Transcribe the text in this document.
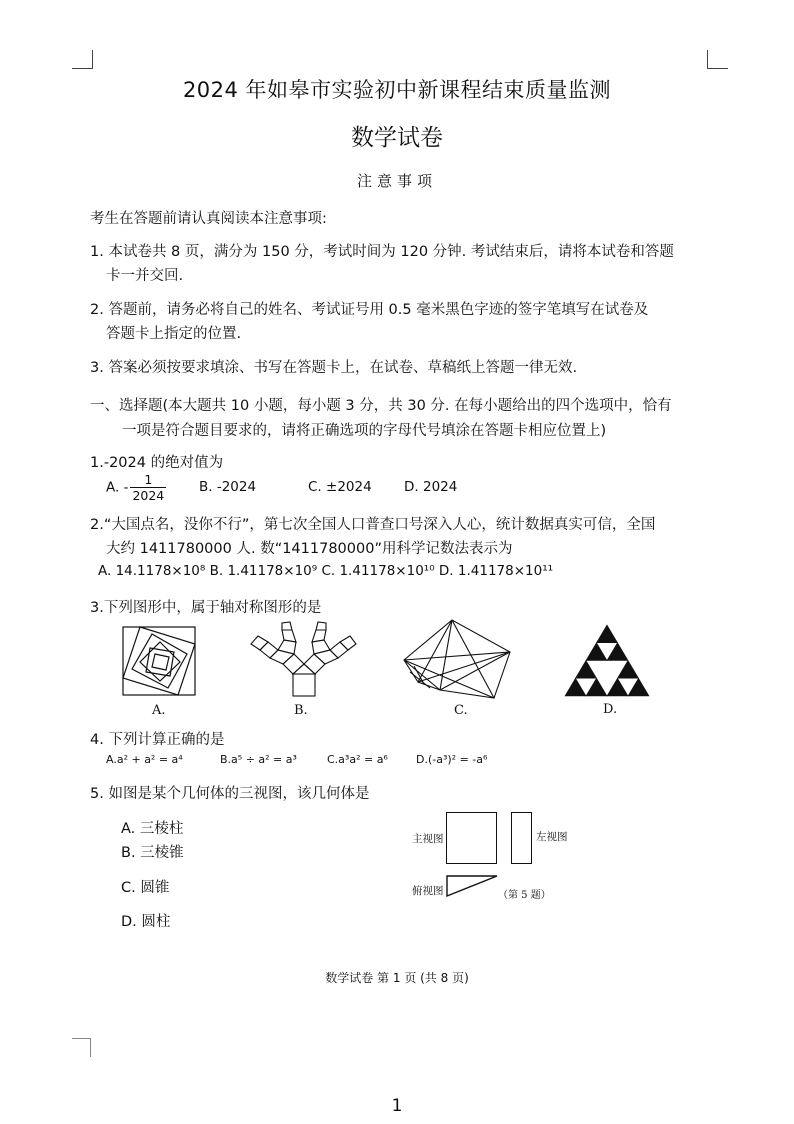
2024 年如皋市实验初中新课程结束质量监测
数学试卷
注意事项
考生在答题前请认真阅读本注意事项:
1. 本试卷共 8 页，满分为 150 分，考试时间为 120 分钟. 考试结束后，请将本试卷和答题
卡一并交回.
2. 答题前，请务必将自己的姓名、考试证号用 0.5 毫米黑色字迹的签字笔填写在试卷及
答题卡上指定的位置.
3. 答案必须按要求填涂、书写在答题卡上，在试卷、草稿纸上答题一律无效.
一、选择题(本大题共 10 小题，每小题 3 分，共 30 分. 在每小题给出的四个选项中，恰有
一项是符合题目要求的，请将正确选项的字母代号填涂在答题卡相应位置上)
1.-2024 的绝对值为
A. - $\frac{1}{2024} B$. -2024	C. ±2024 D. 2024
2.“大国点名，没你不行”，第七次全国人口普查口号深入人心，统计数据真实可信，全国
大约 1411780000 人. 数“1411780000”用科学记数法表示为
A. 14.1178×10⁸ B. 1.41178×10⁹ C. 1.41178×10¹⁰ D. 1.41178×10¹¹
3.下列图形中，属于轴对称图形的是
A.	B.	C.	D.
4. 下列计算正确的是
A.a² + a² = a⁴	B.a⁵ ÷ a² = a³	C.a³a² = a⁶	D.(-a³)² = -a⁶
5. 如图是某个几何体的三视图，该几何体是
A. 三棱柱
B. 三棱锥
C. 圆锥
D. 圆柱
主视图	左视图
俯视图	（第 5 题）
数学试卷 第 1 页 (共 8 页)
1
